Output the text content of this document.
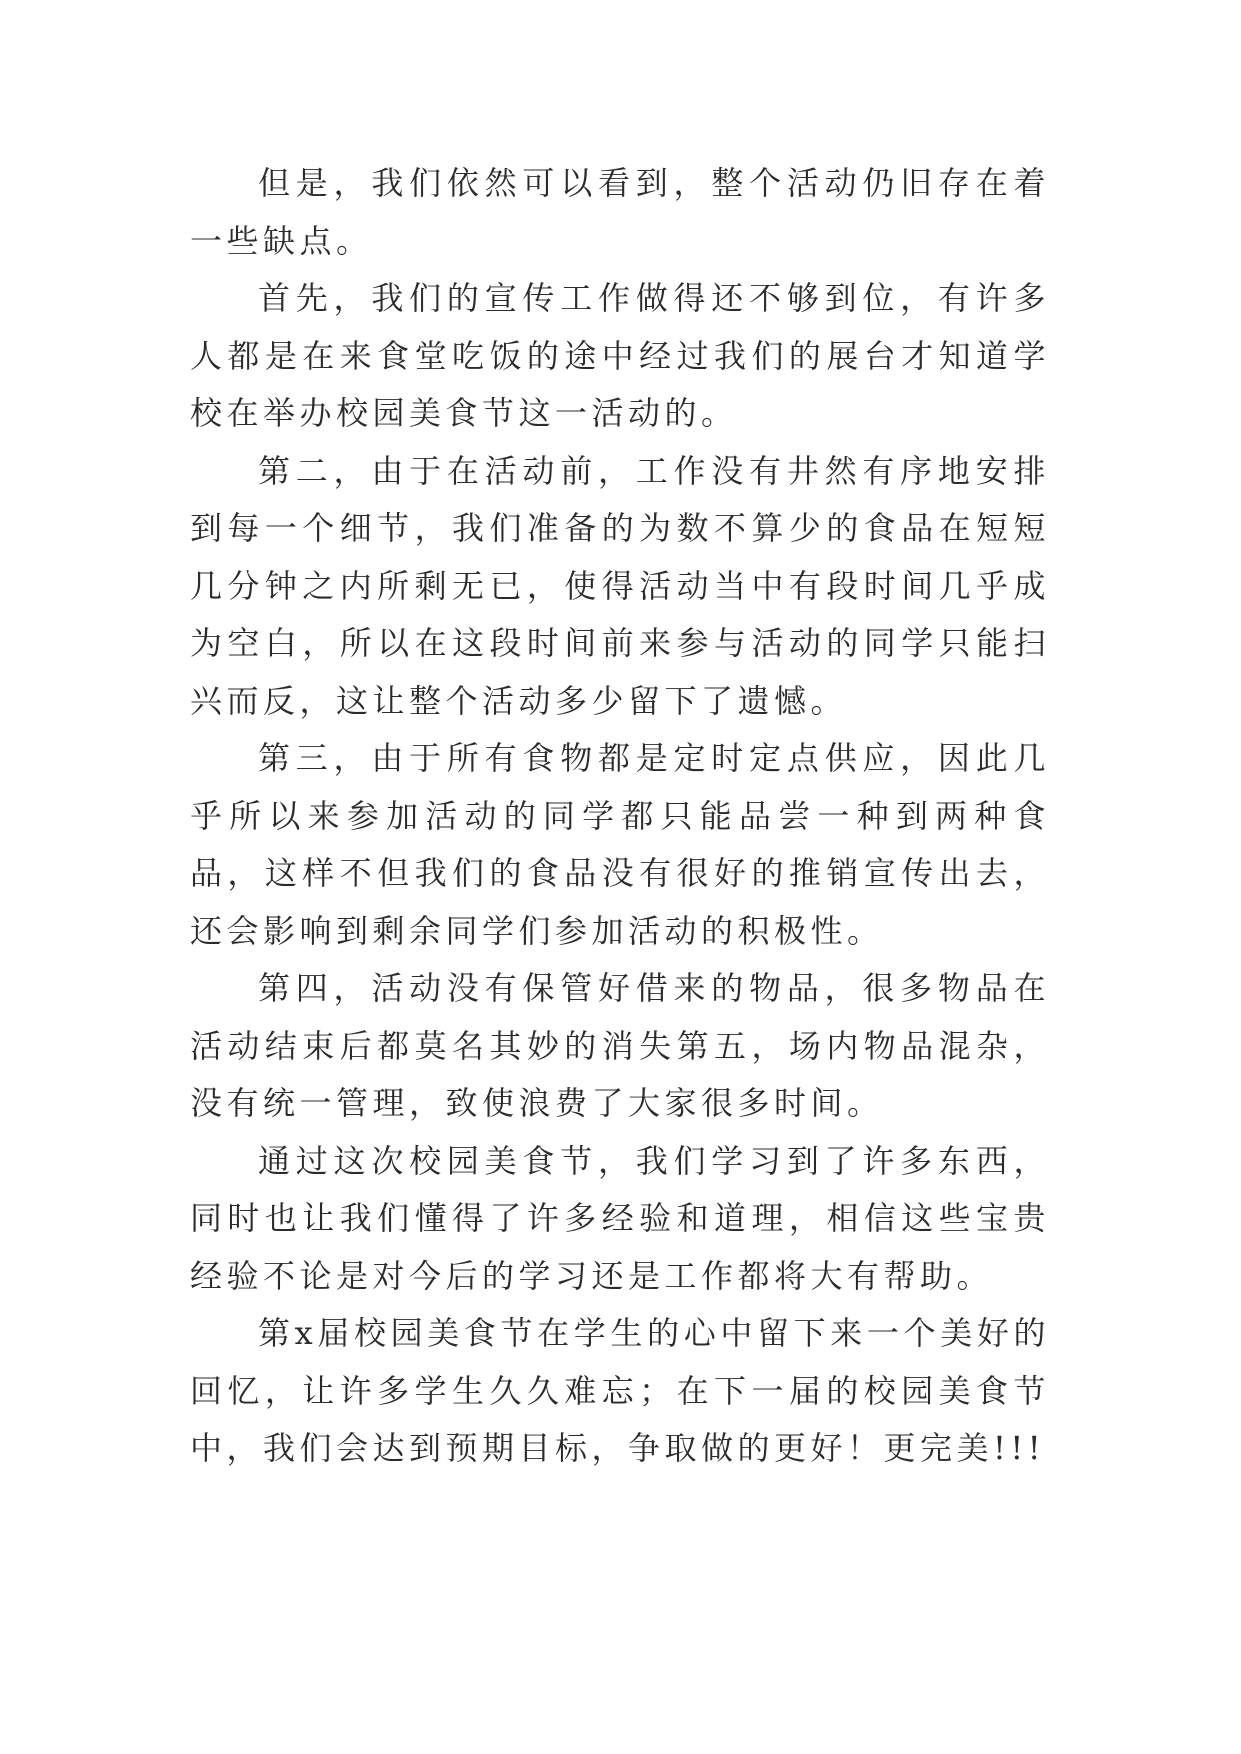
但是，我们依然可以看到，整个活动仍旧存在着一些缺点。

首先，我们的宣传工作做得还不够到位，有许多人都是在来食堂吃饭的途中经过我们的展台才知道学校在举办校园美食节这一活动的。

第二，由于在活动前，工作没有井然有序地安排到每一个细节，我们准备的为数不算少的食品在短短几分钟之内所剩无已，使得活动当中有段时间几乎成为空白，所以在这段时间前来参与活动的同学只能扫兴而反，这让整个活动多少留下了遗憾。

第三，由于所有食物都是定时定点供应，因此几乎所以来参加活动的同学都只能品尝一种到两种食品，这样不但我们的食品没有很好的推销宣传出去，还会影响到剩余同学们参加活动的积极性。

第四，活动没有保管好借来的物品，很多物品在活动结束后都莫名其妙的消失第五，场内物品混杂，没有统一管理，致使浪费了大家很多时间。

通过这次校园美食节，我们学习到了许多东西，同时也让我们懂得了许多经验和道理，相信这些宝贵经验不论是对今后的学习还是工作都将大有帮助。

第x届校园美食节在学生的心中留下来一个美好的回忆，让许多学生久久难忘；在下一届的校园美食节中，我们会达到预期目标，争取做的更好！更完美!!!
